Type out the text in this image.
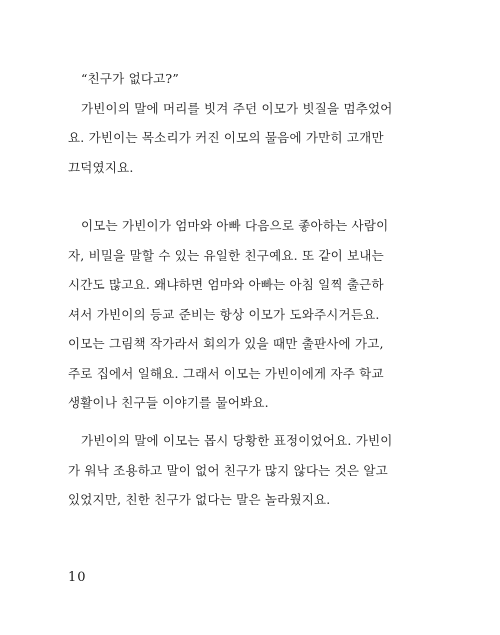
“친구가 없다고?”
가빈이의 말에 머리를 빗겨 주던 이모가 빗질을 멈추었어
요. 가빈이는 목소리가 커진 이모의 물음에 가만히 고개만
끄덕였지요.
이모는 가빈이가 엄마와 아빠 다음으로 좋아하는 사람이
자, 비밀을 말할 수 있는 유일한 친구예요. 또 같이 보내는
시간도 많고요. 왜냐하면 엄마와 아빠는 아침 일찍 출근하
셔서 가빈이의 등교 준비는 항상 이모가 도와주시거든요.
이모는 그림책 작가라서 회의가 있을 때만 출판사에 가고,
주로 집에서 일해요. 그래서 이모는 가빈이에게 자주 학교
생활이나 친구들 이야기를 물어봐요.
가빈이의 말에 이모는 몹시 당황한 표정이었어요. 가빈이
가 워낙 조용하고 말이 없어 친구가 많지 않다는 것은 알고
있었지만, 친한 친구가 없다는 말은 놀라웠지요.
10
